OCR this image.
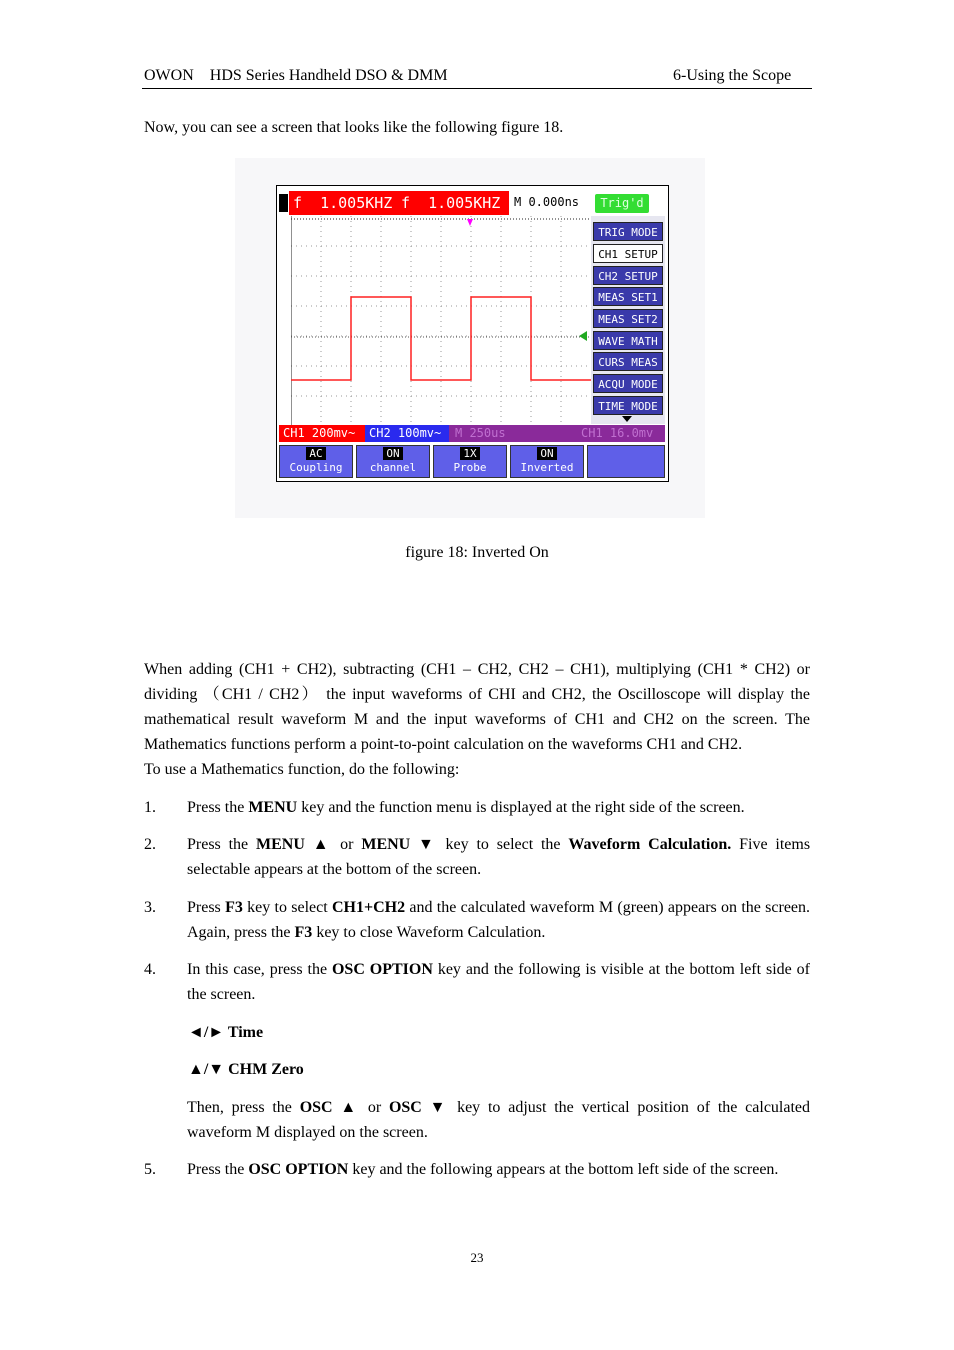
OWON    HDS Series Handheld DSO & DMM	6-Using the Scope
Now, you can see a screen that looks like the following figure 18.
f  1.005KHZ f  1.005KHZ	M 0.000ns	Trig'd
TRIG MODE
CH1 SETUP
CH2 SETUP
MEAS SET1
MEAS SET2
WAVE MATH
CURS MEAS
ACQU MODE
TIME MODE
CH1 200mv~	CH2 100mv~	M 250us	CH1 16.0mv
AC
Coupling
ON
channel
1X
Probe
ON
Inverted
figure 18: Inverted On
When adding (CH1 + CH2), subtracting (CH1 – CH2, CH2 – CH1), multiplying (CH1 * CH2) or dividing （CH1 / CH2） the input waveforms of CHI and CH2, the Oscilloscope will display the mathematical result waveform M and the input waveforms of CH1 and CH2 on the screen. The Mathematics functions perform a point-to-point calculation on the waveforms CH1 and CH2.
To use a Mathematics function, do the following:
1. Press the MENU key and the function menu is displayed at the right side of the screen.
2. Press the MENU ▲ or MENU ▼ key to select the Waveform Calculation. Five items selectable appears at the bottom of the screen.
3. Press F3 key to select CH1+CH2 and the calculated waveform M (green) appears on the screen. Again, press the F3 key to close Waveform Calculation.
4. In this case, press the OSC OPTION key and the following is visible at the bottom left side of the screen.
◄/► Time
▲/▼ CHM Zero
Then, press the OSC ▲ or OSC ▼ key to adjust the vertical position of the calculated waveform M displayed on the screen.
5. Press the OSC OPTION key and the following appears at the bottom left side of the screen.
23
